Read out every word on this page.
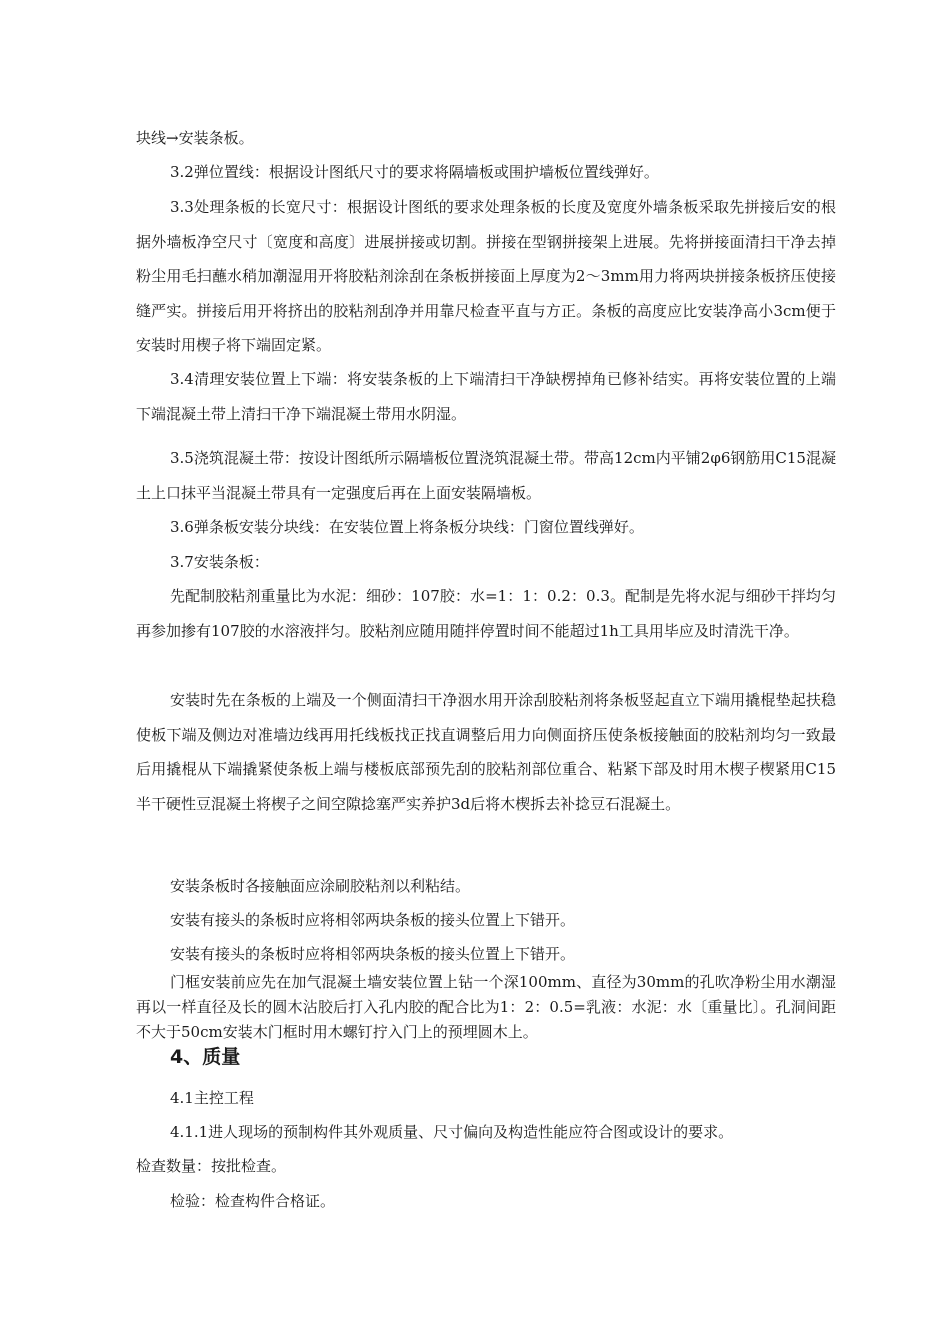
块线→安装条板。

3.2弹位置线：根据设计图纸尺寸的要求将隔墙板或围护墙板位置线弹好。

3.3处理条板的长宽尺寸：根据设计图纸的要求处理条板的长度及宽度外墙条板采取先拼接后安的根据外墙板净空尺寸〔宽度和高度〕进展拼接或切割。拼接在型钢拼接架上进展。先将拼接面清扫干净去掉粉尘用毛扫蘸水稍加潮湿用开将胶粘剂涂刮在条板拼接面上厚度为2～3mm用力将两块拼接条板挤压使接缝严实。拼接后用开将挤出的胶粘剂刮净并用靠尺检查平直与方正。条板的高度应比安装净高小3cm便于安装时用楔子将下端固定紧。

3.4清理安装位置上下端：将安装条板的上下端清扫干净缺楞掉角已修补结实。再将安装位置的上端下端混凝土带上清扫干净下端混凝土带用水阴湿。

3.5浇筑混凝土带：按设计图纸所示隔墙板位置浇筑混凝土带。带高12cm内平铺2φ6钢筋用C15混凝土上口抹平当混凝土带具有一定强度后再在上面安装隔墙板。

3.6弹条板安装分块线：在安装位置上将条板分块线：门窗位置线弹好。

3.7安装条板：

先配制胶粘剂重量比为水泥：细砂：107胶：水=1：1：0.2：0.3。配制是先将水泥与细砂干拌均匀再参加掺有107胶的水溶液拌匀。胶粘剂应随用随拌停置时间不能超过1h工具用毕应及时清洗干净。

安装时先在条板的上端及一个侧面清扫干净洇水用开涂刮胶粘剂将条板竖起直立下端用撬棍垫起扶稳使板下端及侧边对准墙边线再用托线板找正找直调整后用力向侧面挤压使条板接触面的胶粘剂均匀一致最后用撬棍从下端撬紧使条板上端与楼板底部预先刮的胶粘剂部位重合、粘紧下部及时用木楔子楔紧用C15半干硬性豆混凝土将楔子之间空隙捻塞严实养护3d后将木楔拆去补捻豆石混凝土。

安装条板时各接触面应涂刷胶粘剂以利粘结。

安装有接头的条板时应将相邻两块条板的接头位置上下错开。

安装有接头的条板时应将相邻两块条板的接头位置上下错开。

门框安装前应先在加气混凝土墙安装位置上钻一个深100mm、直径为30mm的孔吹净粉尘用水潮湿再以一样直径及长的圆木沾胶后打入孔内胶的配合比为1：2：0.5=乳液：水泥：水〔重量比〕。孔洞间距不大于50cm安装木门框时用木螺钉拧入门上的预埋圆木上。

4、质量

4.1主控工程

4.1.1进人现场的预制构件其外观质量、尺寸偏向及构造性能应符合图或设计的要求。

检查数量：按批检查。

检验：检查构件合格证。
